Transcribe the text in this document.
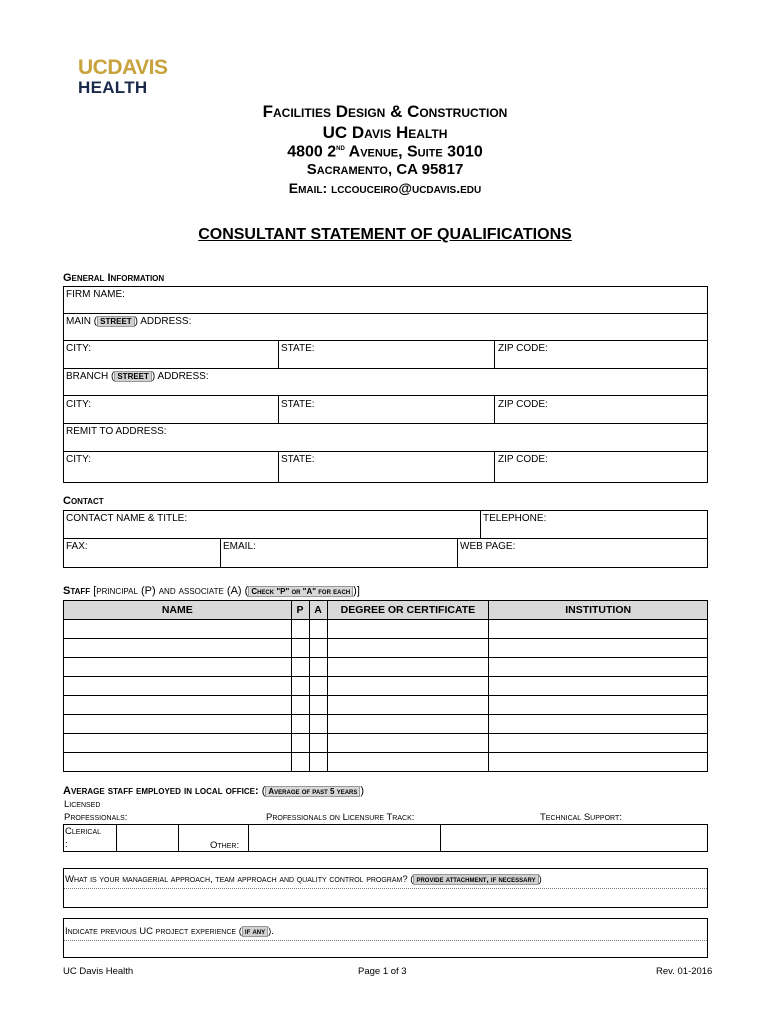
UCDAVIS
HEALTH
Facilities Design & Construction
UC Davis Health
4800 2nd Avenue, Suite 3010
Sacramento, CA 95817
Email: lccouceiro@ucdavis.edu
CONSULTANT STATEMENT OF QUALIFICATIONS
General Information
FIRM NAME:
MAIN ( STREET ) ADDRESS:
CITY:	STATE:	ZIP CODE:
BRANCH ( STREET ) ADDRESS:
CITY:	STATE:	ZIP CODE:
REMIT TO ADDRESS:
CITY:	STATE:	ZIP CODE:
Contact
CONTACT NAME & TITLE:	TELEPHONE:
FAX:	EMAIL:	WEB PAGE:
Staff [principal (P) and associate (A) ( Check "P" or "A" for each )]
NAME	P	A	DEGREE OR CERTIFICATE	INSTITUTION

Average staff employed in local office: ( Average of past 5 years )
Licensed
Professionals:	Professionals on Licensure Track:	Technical Support:
Clerical
:	Other:
What is your managerial approach, team approach and quality control program? ( provide attachment, if necessary )
Indicate previous UC project experience ( if any ).
UC Davis Health	Page 1 of 3	Rev. 01-2016
